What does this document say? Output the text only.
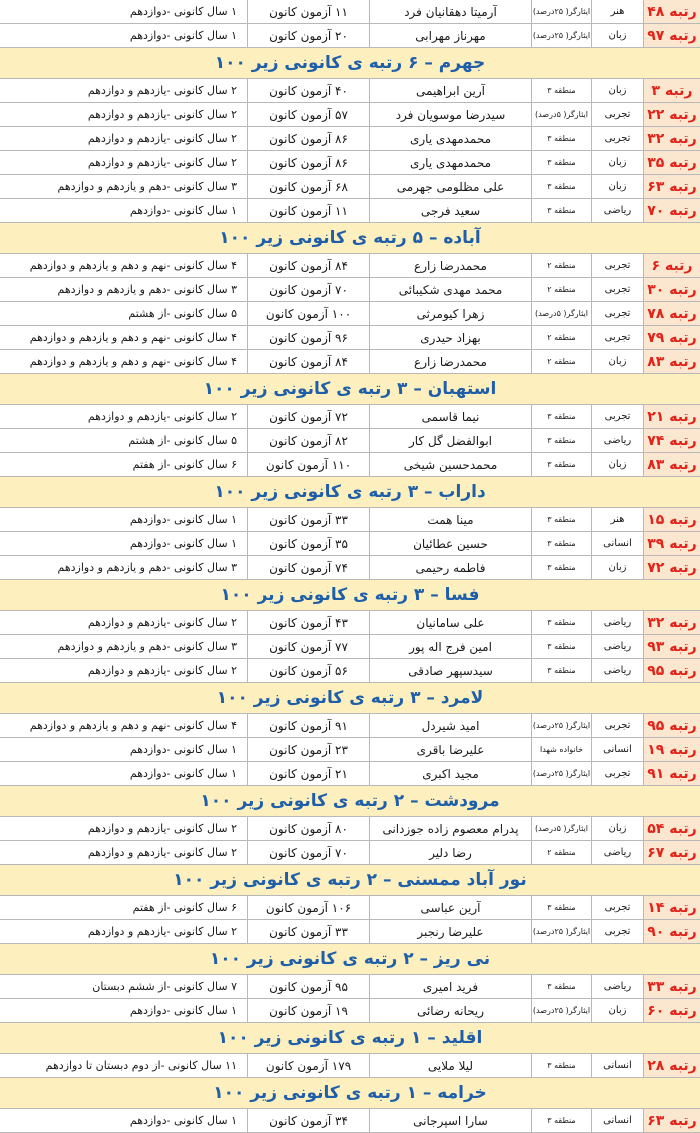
رتبه ۴۸
هنر
ایثارگر( ۲۵درصد)
آرمیتا دهقانیان فرد
۱۱ آزمون کانون
۱ سال کانونی -دوازدهم
رتبه ۹۷
زبان
ایثارگر( ۲۵درصد)
مهرناز مهرابی
۲۰ آزمون کانون
۱ سال کانونی -دوازدهم
جهرم – ۶ رتبه ی کانونی زیر ۱۰۰
رتبه ۳
زبان
منطقه ۳
آرین ابراهیمی
۴۰ آزمون کانون
۲ سال کانونی -یازدهم و دوازدهم
رتبه ۲۲
تجربی
ایثارگر( ۵درصد)
سیدرضا موسویان فرد
۵۷ آزمون کانون
۲ سال کانونی -یازدهم و دوازدهم
رتبه ۳۲
تجربی
منطقه ۳
محمدمهدی یاری
۸۶ آزمون کانون
۲ سال کانونی -یازدهم و دوازدهم
رتبه ۳۵
زبان
منطقه ۳
محمدمهدی یاری
۸۶ آزمون کانون
۲ سال کانونی -یازدهم و دوازدهم
رتبه ۶۳
زبان
منطقه ۳
علی مظلومی جهرمی
۶۸ آزمون کانون
۳ سال کانونی -دهم و یازدهم و دوازدهم
رتبه ۷۰
ریاضی
منطقه ۳
سعید فرجی
۱۱ آزمون کانون
۱ سال کانونی -دوازدهم
آباده – ۵ رتبه ی کانونی زیر ۱۰۰
رتبه ۶
تجربی
منطقه ۲
محمدرضا زارع
۸۴ آزمون کانون
۴ سال کانونی -نهم و دهم و یازدهم و دوازدهم
رتبه ۳۰
تجربی
منطقه ۲
محمد مهدی شکیبائی
۷۰ آزمون کانون
۳ سال کانونی -دهم و یازدهم و دوازدهم
رتبه ۷۸
تجربی
ایثارگر( ۵درصد)
زهرا کیومرثی
۱۰۰ آزمون کانون
۵ سال کانونی -از هشتم
رتبه ۷۹
تجربی
منطقه ۲
بهزاد حیدری
۹۶ آزمون کانون
۴ سال کانونی -نهم و دهم و یازدهم و دوازدهم
رتبه ۸۳
زبان
منطقه ۲
محمدرضا زارع
۸۴ آزمون کانون
۴ سال کانونی -نهم و دهم و یازدهم و دوازدهم
استهبان – ۳ رتبه ی کانونی زیر ۱۰۰
رتبه ۲۱
تجربی
منطقه ۳
نیما قاسمی
۷۲ آزمون کانون
۲ سال کانونی -یازدهم و دوازدهم
رتبه ۷۴
ریاضی
منطقه ۳
ابوالفضل گل کار
۸۲ آزمون کانون
۵ سال کانونی -از هشتم
رتبه ۸۳
زبان
منطقه ۳
محمدحسین شیخی
۱۱۰ آزمون کانون
۶ سال کانونی -از هفتم
داراب – ۳ رتبه ی کانونی زیر ۱۰۰
رتبه ۱۵
هنر
منطقه ۳
مینا همت
۳۳ آزمون کانون
۱ سال کانونی -دوازدهم
رتبه ۳۹
انسانی
منطقه ۳
حسین عطائیان
۳۵ آزمون کانون
۱ سال کانونی -دوازدهم
رتبه ۷۲
زبان
منطقه ۳
فاطمه رحیمی
۷۴ آزمون کانون
۳ سال کانونی -دهم و یازدهم و دوازدهم
فسا – ۳ رتبه ی کانونی زیر ۱۰۰
رتبه ۳۲
ریاضی
منطقه ۳
علی سامانیان
۴۳ آزمون کانون
۲ سال کانونی -یازدهم و دوازدهم
رتبه ۹۳
ریاضی
منطقه ۳
امین فرج اله پور
۷۷ آزمون کانون
۳ سال کانونی -دهم و یازدهم و دوازدهم
رتبه ۹۵
ریاضی
منطقه ۳
سیدسپهر صادقی
۵۶ آزمون کانون
۲ سال کانونی -یازدهم و دوازدهم
لامرد – ۳ رتبه ی کانونی زیر ۱۰۰
رتبه ۹۵
تجربی
ایثارگر( ۲۵درصد)
امید شیردل
۹۱ آزمون کانون
۴ سال کانونی -نهم و دهم و یازدهم و دوازدهم
رتبه ۱۹
انسانی
خانواده شهدا
علیرضا باقری
۲۳ آزمون کانون
۱ سال کانونی -دوازدهم
رتبه ۹۱
تجربی
ایثارگر( ۲۵درصد)
مجید اکبری
۲۱ آزمون کانون
۱ سال کانونی -دوازدهم
مرودشت – ۲ رتبه ی کانونی زیر ۱۰۰
رتبه ۵۴
زبان
ایثارگر( ۵درصد)
پدرام معصوم زاده جوزدانی
۸۰ آزمون کانون
۲ سال کانونی -یازدهم و دوازدهم
رتبه ۶۷
ریاضی
منطقه ۲
رضا دلیر
۷۰ آزمون کانون
۲ سال کانونی -یازدهم و دوازدهم
نور آباد ممسنی – ۲ رتبه ی کانونی زیر ۱۰۰
رتبه ۱۴
تجربی
منطقه ۳
آرین عباسی
۱۰۶ آزمون کانون
۶ سال کانونی -از هفتم
رتبه ۹۰
تجربی
ایثارگر( ۲۵درصد)
علیرضا رنجبر
۳۳ آزمون کانون
۲ سال کانونی -یازدهم و دوازدهم
نی ریز – ۲ رتبه ی کانونی زیر ۱۰۰
رتبه ۳۳
ریاضی
منطقه ۳
فرید امیری
۹۵ آزمون کانون
۷ سال کانونی -از ششم دبستان
رتبه ۶۰
زبان
ایثارگر( ۲۵درصد)
ریحانه رضائی
۱۹ آزمون کانون
۱ سال کانونی -دوازدهم
اقلید – ۱ رتبه ی کانونی زیر ۱۰۰
رتبه ۲۸
انسانی
منطقه ۳
لیلا ملایی
۱۷۹ آزمون کانون
۱۱ سال کانونی -از دوم دبستان تا دوازدهم
خرامه – ۱ رتبه ی کانونی زیر ۱۰۰
رتبه ۶۳
انسانی
منطقه ۳
سارا اسپرجانی
۳۴ آزمون کانون
۱ سال کانونی -دوازدهم
